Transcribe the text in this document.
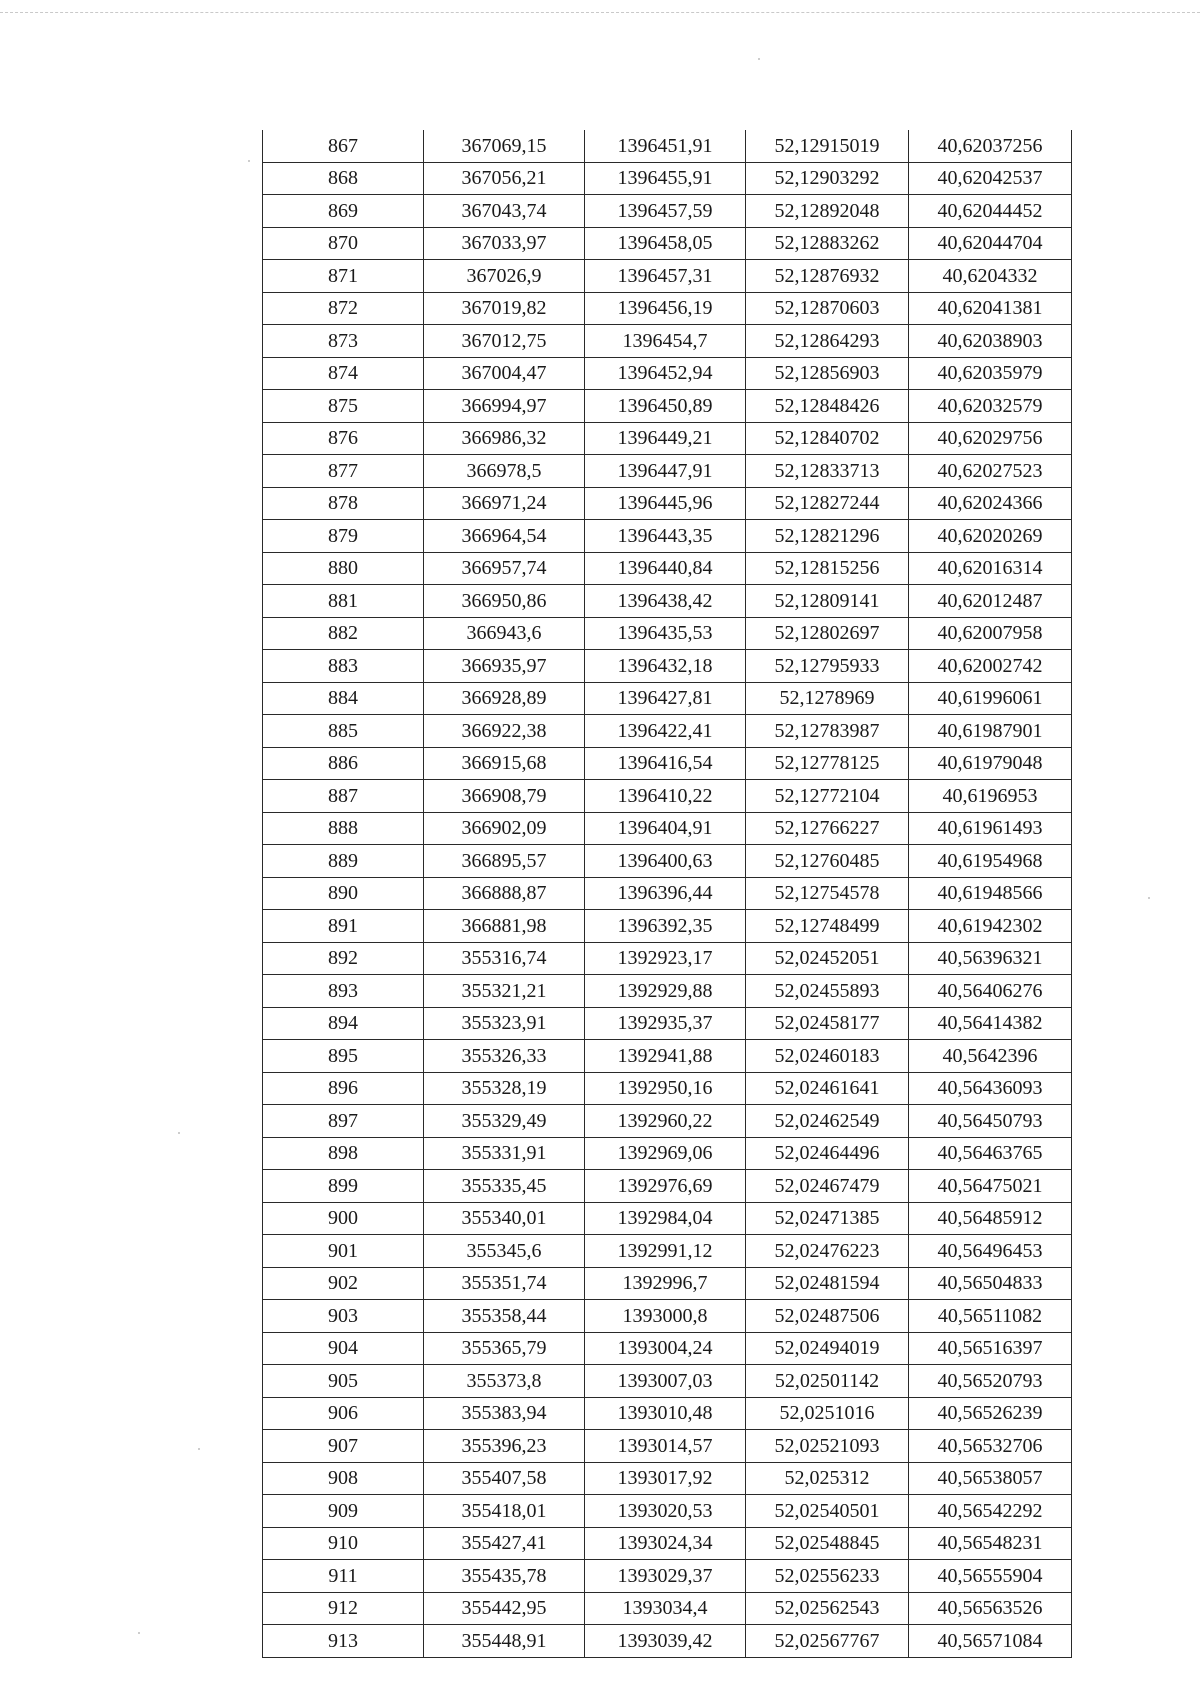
867	367069,15	1396451,91	52,12915019	40,62037256
868	367056,21	1396455,91	52,12903292	40,62042537
869	367043,74	1396457,59	52,12892048	40,62044452
870	367033,97	1396458,05	52,12883262	40,62044704
871	367026,9	1396457,31	52,12876932	40,6204332
872	367019,82	1396456,19	52,12870603	40,62041381
873	367012,75	1396454,7	52,12864293	40,62038903
874	367004,47	1396452,94	52,12856903	40,62035979
875	366994,97	1396450,89	52,12848426	40,62032579
876	366986,32	1396449,21	52,12840702	40,62029756
877	366978,5	1396447,91	52,12833713	40,62027523
878	366971,24	1396445,96	52,12827244	40,62024366
879	366964,54	1396443,35	52,12821296	40,62020269
880	366957,74	1396440,84	52,12815256	40,62016314
881	366950,86	1396438,42	52,12809141	40,62012487
882	366943,6	1396435,53	52,12802697	40,62007958
883	366935,97	1396432,18	52,12795933	40,62002742
884	366928,89	1396427,81	52,1278969	40,61996061
885	366922,38	1396422,41	52,12783987	40,61987901
886	366915,68	1396416,54	52,12778125	40,61979048
887	366908,79	1396410,22	52,12772104	40,6196953
888	366902,09	1396404,91	52,12766227	40,61961493
889	366895,57	1396400,63	52,12760485	40,61954968
890	366888,87	1396396,44	52,12754578	40,61948566
891	366881,98	1396392,35	52,12748499	40,61942302
892	355316,74	1392923,17	52,02452051	40,56396321
893	355321,21	1392929,88	52,02455893	40,56406276
894	355323,91	1392935,37	52,02458177	40,56414382
895	355326,33	1392941,88	52,02460183	40,5642396
896	355328,19	1392950,16	52,02461641	40,56436093
897	355329,49	1392960,22	52,02462549	40,56450793
898	355331,91	1392969,06	52,02464496	40,56463765
899	355335,45	1392976,69	52,02467479	40,56475021
900	355340,01	1392984,04	52,02471385	40,56485912
901	355345,6	1392991,12	52,02476223	40,56496453
902	355351,74	1392996,7	52,02481594	40,56504833
903	355358,44	1393000,8	52,02487506	40,56511082
904	355365,79	1393004,24	52,02494019	40,56516397
905	355373,8	1393007,03	52,02501142	40,56520793
906	355383,94	1393010,48	52,0251016	40,56526239
907	355396,23	1393014,57	52,02521093	40,56532706
908	355407,58	1393017,92	52,025312	40,56538057
909	355418,01	1393020,53	52,02540501	40,56542292
910	355427,41	1393024,34	52,02548845	40,56548231
911	355435,78	1393029,37	52,02556233	40,56555904
912	355442,95	1393034,4	52,02562543	40,56563526
913	355448,91	1393039,42	52,02567767	40,56571084
